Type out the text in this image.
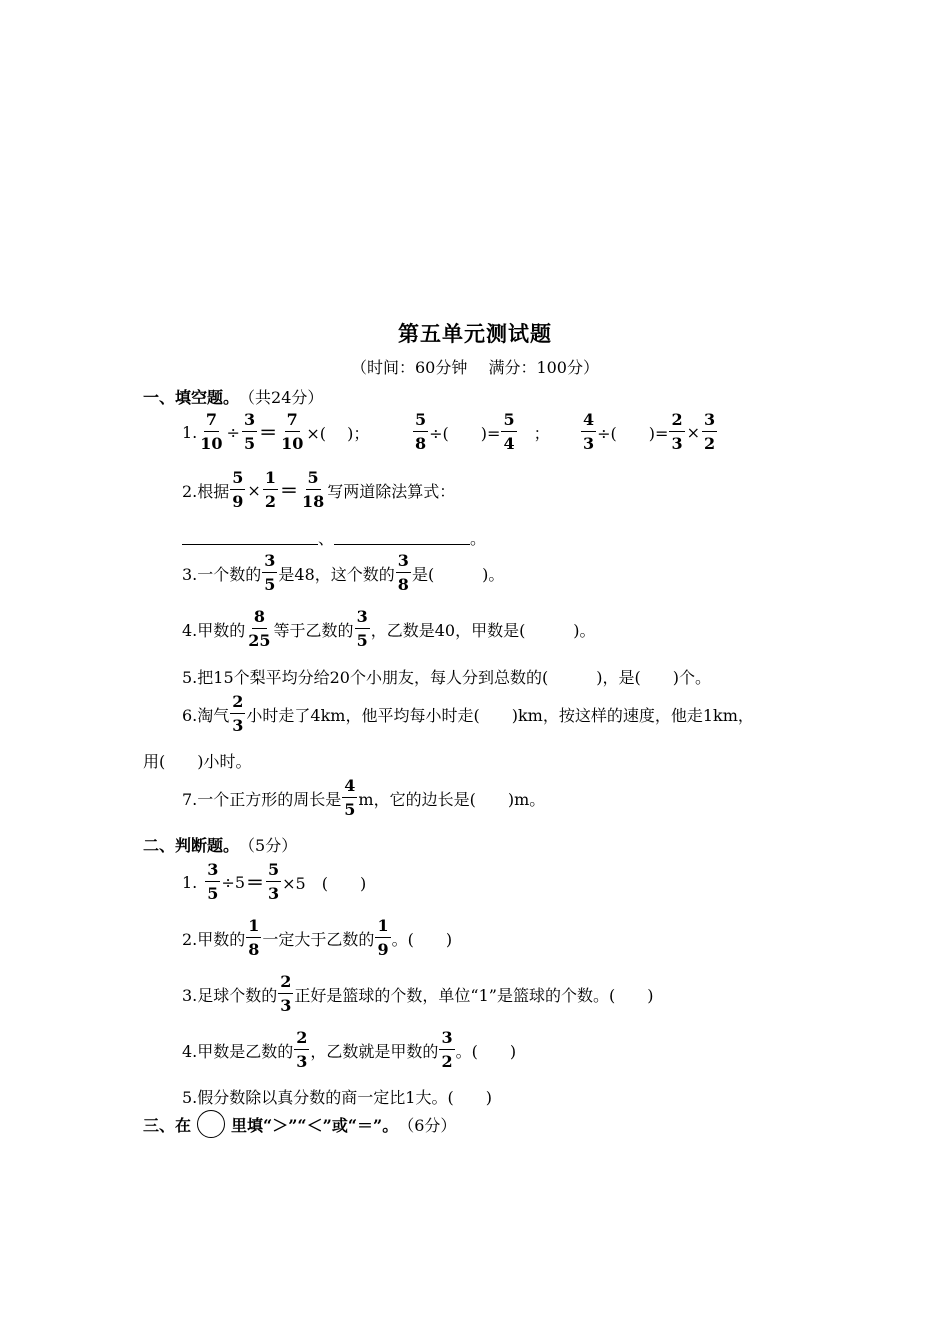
第五单元测试题
（时间：60分钟　 满分：100分）
一、填空题。 （共24分）
1. $\frac{7}{10} \div \frac{3}{5} = \frac{7}{10}$ ×(　 )；	$\frac{5}{8}$ ÷(　　)= $\frac{5}{4}$ ； $\frac{4}{3}$ ÷(　　)= $\frac{2}{3} \times \frac{3}{2}$
2.根据 $\frac{5}{9} \times \frac{1}{2} = \frac{5}{18}$ 写两道除法算式：
、	。
3.一个数的 $\frac{3}{5}$ 是48，这个数的 $\frac{3}{8}$ 是(　　　)。
4.甲数的 $\frac{8}{25}$ 等于乙数的 $\frac{3}{5}$ ，乙数是40，甲数是(　　　)。
5.把15个梨平均分给20个小朋友，每人分到总数的(　　　)，是(　　)个。
6.淘气 $\frac{2}{3}$ 小时走了4km，他平均每小时走(　　)km，按这样的速度，他走1km，
用(　　)小时。
7.一个正方形的周长是 $\frac{4}{5}$ m，它的边长是(　　)m。
二、判断题。 （5分）
1. $\frac{3}{5} \div 5 = \frac{5}{3} \times 5$　(　　)
2.甲数的 $\frac{1}{8}$ 一定大于乙数的 $\frac{1}{9}$ 。(　　)
3.足球个数的 $\frac{2}{3}$ 正好是篮球的个数，单位“1”是篮球的个数。(　　)
4.甲数是乙数的 $\frac{2}{3}$ ，乙数就是甲数的 $\frac{3}{2}$ 。(　　)
5.假分数除以真分数的商一定比1大。(　　)
三、在	里填“＞”“＜”或“＝”。 （6分）
